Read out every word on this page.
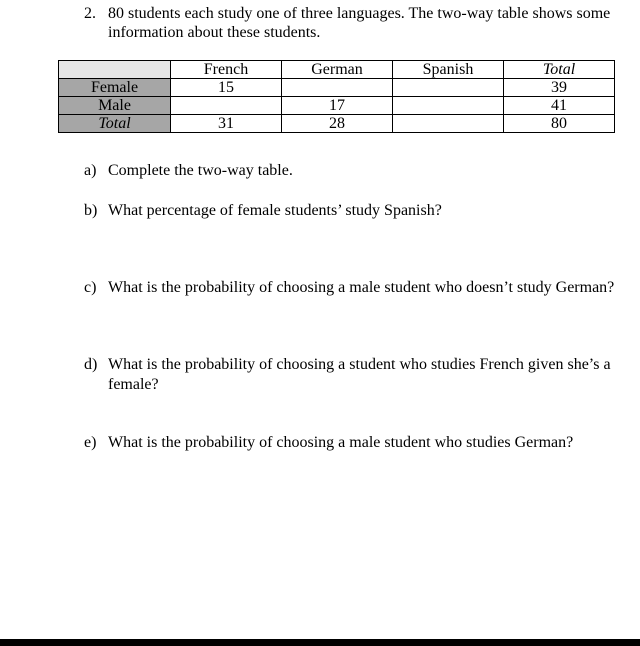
2. 80 students each study one of three languages. The two-way table shows some information about these students.
	French	German	Spanish	Total
Female	15			39
Male		17		41
Total	31	28		80
a) Complete the two-way table.
b) What percentage of female students’ study Spanish?
c) What is the probability of choosing a male student who doesn’t study German?
d) What is the probability of choosing a student who studies French given she’s a female?
e) What is the probability of choosing a male student who studies German?
